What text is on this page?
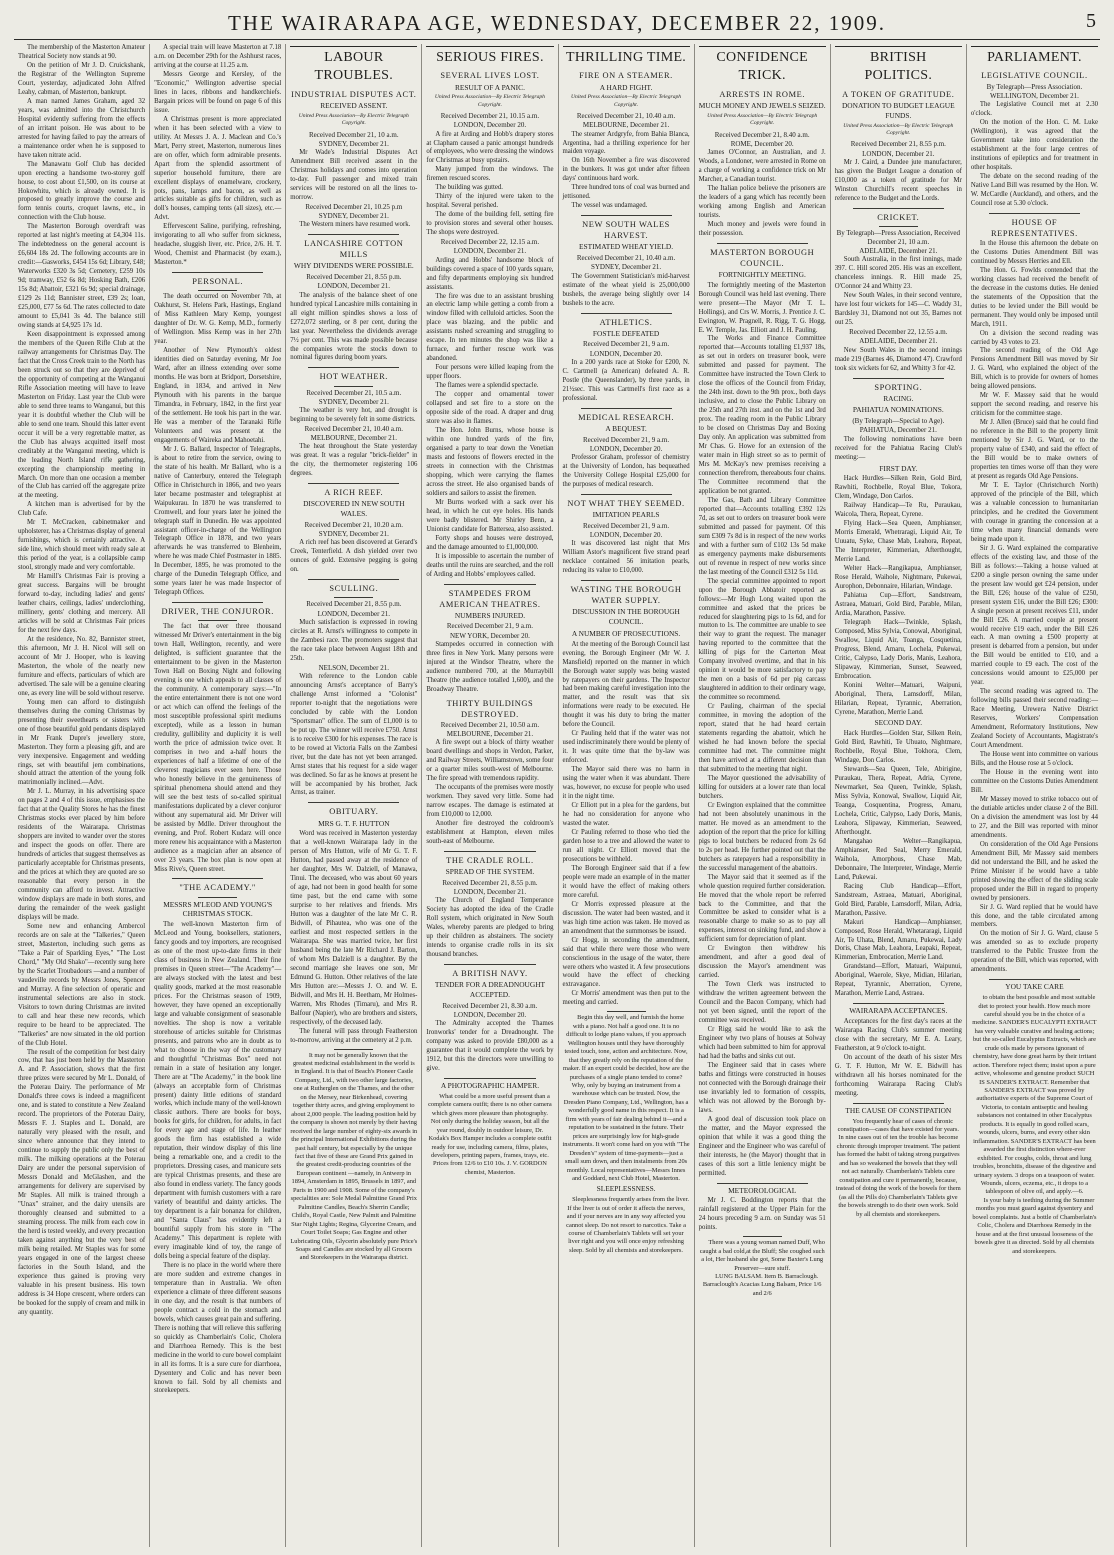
THE WAIRARAPA AGE, WEDNESDAY, DECEMBER 22, 1909.	5

The membership of the Masterton Amateur Theatrical Society now stands at 90.

On the petition of Mr J. D. Cruickshank, the Registrar of the Wellington Supreme Court, yesterday, adjudicated John Alfred Leahy, cabman, of Masterton, bankrupt.

A man named James Graham, aged 32 years, was admitted into the Christchurch Hospital evidently suffering from the effects of an irritant poison. He was about to be arrested for having failed to pay the arrears of a maintenance order when he is supposed to have taken nitrate acid.

The Manawatu Golf Club has decided upon erecting a handsome two-storey golf house, to cost about £1,500, on its course at Hokowhitu, which is already owned. It is proposed to greatly improve the course and form tennis courts, croquet lawns, etc., in connection with the Club house.

The Masterton Borough overdraft was reported at last night's meeting at £4,304 11s. The indebtedness on the general account is £6,604 18s 2d. The following accounts are in credit:—Gasworks, £454 15s 6d; Library, £48; Waterworks £320 3s 5d; Cemetery, £259 10s 9d; tramway, £52 6s 8d; Hosking Bath, £206 15s 8d; Abattoir, £321 6s 9d; special drainage, £129 2s 11d; Bannister street, £39 2s; loan, £25,000, £77 5s 6d. The rates collected to date amount to £5,041 3s 4d. The balance still owing stands at £4,925 17s 1d.

Keen disappointment is expressed among the members of the Queen Rifle Club at the railway arrangements for Christmas Day. The fact that the Cross Creek train to the North has been struck out so that they are deprived of the opportunity of competing at the Wanganui Rifle Association meeting will have to leave Masterton on Friday. Last year the Club were able to send three teams to Wanganui, but this year it is doubtful whether the Club will be able to send one team. Should this latter event occur it will be a very regrettable matter, as the Club has always acquitted itself most creditably at the Wanganui meeting, which is the leading North Island rifle gathering, excepting the championship meeting in March. On more than one occasion a member of the Club has carried off the aggregate prize at the meeting.

A kitchen man is advertised for by the Club Cafe.

Mr T. McCracken, cabinetmaker and upholsterer, has a Christmas display of general furnishings, which is certainly attractive. A side line, which should meet with ready sale at this period of the year, is a collapsible camp stool, strongly made and very comfortable.

Mr Hamill's Christmas Fair is proving a great success. Bargains will be brought forward to-day, including ladies' and gents' leather chairs, ceilings, ladies' underclothing, millinery, gents' clothing and mercery. All articles will be sold at Christmas Fair prices for the next few days.

At the residence, No. 82, Bannister street, this afternoon, Mr J. H. Nicol will sell on account of Mr J. Hooper, who is leaving Masterton, the whole of the nearly new furniture and effects, particulars of which are advertised. The sale will be a genuine clearing one, as every line will be sold without reserve.

Young men can afford to distinguish themselves during the coming Christmas by presenting their sweethearts or sisters with one of those beautiful gold pendants displayed in Mr Frank Dupre's jewellery store, Masterton. They form a pleasing gift, and are very inexpensive. Engagement and wedding rings, set with beautiful jem combinations, should attract the attention of the young folk matrimonially inclined.—Advt.

Mr J. L. Murray, in his advertising space on pages 2 and 4 of this issue, emphasises the fact that at the Quality Stores he has the finest Christmas stocks ever placed by him before residents of the Wairarapa. Christmas shoppers are invited to wander over the stores and inspect the goods on offer. There are hundreds of articles that suggest themselves as particularly acceptable for Christmas presents, and the prices at which they are quoted are so reasonable that every person in the community can afford to invest. Attractive window displays are made in both stores, and during the remainder of the week gaslight displays will be made.

Some new and enhancing Ambercol records are on sale at the "Talkeries," Queen street, Masterton, including such gems as "Take a Pair of Sparkling Eyes," "The Lost Chord," "My Old Shako"—recently sung here by the Scarlet Troubadours —and a number of vaudeville records by Messrs Jones, Spencer and Murray. A fine selection of operatic and instrumental selections are also in stock. Visitors to town during Christmas are invited to call and hear these new records, which require to be heard to be appreciated. The "Talkeries" are now situated in the old portion of the Club Hotel.

The result of the competition for best dairy cow, that has just been held by the Masterton A. and P. Association, shows that the first three prizes were secured by Mr L. Donald, of the Poterau Dairy. The performance of Mr Donald's three cows is indeed a magnificent one, and is stated to constitute a New Zealand record. The proprietors of the Poterau Dairy, Messrs F. J. Staples and L. Donald, are naturally very pleased with the result, and since where announce that they intend to continue to supply the public only the best of milk. The milking operations at the Poterau Dairy are under the personal supervision of Messrs Donald and McGlashen, and the arrangements for delivery are supervised by Mr Staples. All milk is trained through a "Unax" strainer, and the dairy utensils are thoroughly cleansed and submitted to a steaming process. The milk from each cow in the herd is tested weekly, and every precaution taken against anything but the very best of milk being retailed. Mr Staples was for some years engaged in one of the largest cheese factories in the South Island, and the experience thus gained is proving very valuable in his present business. His town address is 34 Hope crescent, where orders can be booked for the supply of cream and milk in any quantity.

A special train will leave Masterton at 7.18 a.m. on December 29th for the Ashhurst races, arriving at the course at 11.25 a.m.

Messrs George and Kersley, of the "Economic," Wellington advertise special lines in laces, ribbons and handkerchiefs. Bargain prices will be found on page 6 of this issue.

A Christmas present is more appreciated when it has been selected with a view to utility. At Messrs J. A. J. Maclean and Co.'s Mart, Perry street, Masterton, numerous lines are on offer, which form admirable presents. Apart from the splendid assortment of superior household furniture, there are excellent displays of enamelware, crockery, pots, pans, lamps and bacon, as well as articles suitable as gifts for children, such as doll's houses, camping tents (all sizes), etc.—Advt.

Effervescent Saline, purifying, refreshing, invigorating to all who suffer from sickness, headache, sluggish liver, etc. Price, 2/6. H. T. Wood, Chemist and Pharmacist (by exam.), Masterton.*

PERSONAL.

The death occurred on November 7th, at Oakhurst, St. Helens Park, Hastings, England of Miss Kathleen Mary Kemp, youngest daughter of Dr. W. G. Kemp, M.D., formerly of Wellington. Miss Kemp was in her 27th year.

Another of New Plymouth's oldest identities died on Saturday evening, Mr Joe Ward, after an illness extending over some months. He was born at Bridport, Dorsetshire, England, in 1834, and arrived in New Plymouth with his parents in the barque Timandra, in February, 1842, in the first year of the settlement. He took his part in the war. He was a member of the Taranaki Rifle Volunteers and was present at the engagements of Waireka and Mahoetahi.

Mr J. G. Ballard, Inspector of Telegraphs, is about to retire from the service, owing to the state of his health. Mr Ballard, who is a native of Canterbury, entered the Telegraph Office in Christchurch in 1866, and two years later became postmaster and telegraphist at Waipukurau. In 1870 he was transferred to Cromwell, and four years later he joined the telegraph staff in Dunedin. He was appointed assistant officer-in-charge of the Wellington Telegraph Office in 1878, and two years afterwards he was transferred to Blenheim, where he was made Chief Postmaster in 1885. In December, 1895, he was promoted to the charge of the Dunedin Telegraph Office, and some years later he was made Inspector of Telegraph Offices.

DRIVER, THE CONJUROR.

The fact that over three thousand witnessed Mr Driver's entertainment in the big town Hall, Wellington, recently, and were delighted, is sufficient guarantee that the entertainment to be given in the Masterton Town Hall on Boxing Night and following evening is one which appeals to all classes of the community. A contemporary says:—"In the entire entertainment there is not one word or act which can offend the feelings of the most susceptible professional spirit mediums excepted), while as a lesson in human credulity, gullibility and duplicity it is well worth the price of admission twice over. It comprises in two and a-half hours the experiences of half a lifetime of one of the cleverest magicians ever seen here. Those who honestly believe in the genuineness of spiritual phenomena should attend and they will see the best tests of so-called spiritual manifestations duplicated by a clever conjuror without any supernatural aid. Mr Driver will be assisted by Mdlle. Driver throughout the evening, and Prof. Robert Kudarz will once more renew his acquaintance with a Masterton audience as a magician after an absence of over 23 years. The box plan is now open at Miss Rive's, Queen street.

"THE ACADEMY."
MESSRS M'LEOD AND YOUNG'S CHRISTMAS STOCK.

The well-known Masterton firm of McLeod and Young, booksellers, stationers, fancy goods and toy importers, are recognised as one of the most up-to-date firms in their class of business in New Zealand. Their fine premises in Queen street—"The Academy"—are always stocked with the latest and best quality goods, marked at the most reasonable prices. For the Christmas season of 1909, however, they have opened an exceptionally large and valuable consignment of seasonable novelties. The shop is now a veritable storehouse of articles suitable for Christmas presents, and patrons who are in doubt as to what to choose in the way of the customary and thoughtful "Christmas Box" need not remain in a state of hesitation any longer. There are at "The Academy," in the book line (always an acceptable form of Christmas present) dainty little editions of standard works, which include many of the well-known classic authors. There are books for boys, books for girls, for children, for adults, in fact for every age and stage of life. In leather goods the firm has established a wide reputation, their window display of this line being a remarkable one, and a credit to the proprietors. Dressing cases, and manicure sets are typical Christmas presents, and these are also found in endless variety. The fancy goods department with furnish customers with a rare variety of beautiful and dainty articles. The toy department is a fair bonanza for children, and "Santa Claus" has evidently left a bountiful supply from his store in "The Academy." This department is replete with every imaginable kind of toy, the range of dolls being a special feature of the display.

There is no place in the world where there are more sudden and extreme changes in temperature than in Australia. We often experience a climate of three different seasons in one day, and the result is that numbers of people contract a cold in the stomach and bowels, which causes great pain and suffering. There is nothing that will relieve this suffering so quickly as Chamberlain's Colic, Cholera and Diarrhoea Remedy. This is the best medicine in the world to cure bowel complaint in all its forms. It is a sure cure for diarrhoea, Dysentery and Colic and has never been known to fail. Sold by all chemists and storekeepers.

LABOUR TROUBLES.
INDUSTRIAL DISPUTES ACT.
RECEIVED ASSENT.
United Press Association—By Electric Telegraph Copyright.

Received December 21, 10 a.m.

SYDNEY, December 21.

Mr Wade's Industrial Disputes Act Amendment Bill received assent in the Christmas holidays and comes into operation to-day. Full passenger and mixed train services will be restored on all the lines to-morrow.

Received December 21, 10.25 p.m

SYDNEY, December 21.

The Western miners have resumed work.

LANCASHIRE COTTON MILLS
WHY DIVIDENDS WERE POSSIBLE.

Received December 21, 8.55 p.m.

LONDON, December 21.

The analysis of the balance sheet of one hundred typical Lancashire mills containing in all eight million spindles shows a loss of £272,072 sterling, or 8 per cent, during the last year. Nevertheless the dividends average 7½ per cent. This was made possible because the companies wrote the stocks down to nominal figures during boom years.

HOT WEATHER.

Received December 21, 10.5 a.m.

SYDNEY, December 21.

The weather is very hot, and drought is beginning to be severely felt in some districts.

Received December 21, 10.40 a.m.

MELBOURNE, December 21.

The heat throughout the State yesterday was great. It was a regular "brick-fielder" in the city, the thermometer registering 106 degrees.

A RICH REEF.
DISCOVERED IN NEW SOUTH WALES.

Received December 21, 10.20 a.m.

SYDNEY, December 21.

A rich reef has been discovered at Gerard's Creek, Tenterfield. A dish yielded over two ounces of gold. Extensive pegging is going on.

SCULLING.

Received December 21, 8.55 p.m.

LONDON, December 21.

Much satisfaction is expressed in rowing circles at R. Arnst's willingness to compete in the Zambesi race. The promoters suggest that the race take place between August 18th and 25th.

NELSON, December 21.

With reference to the London cable announcing Arnst's acceptance of Barry's challenge Arnst informed a "Colonist" reporter to-night that the negotiations were concluded by cable with the London "Sportsman" office. The sum of £1,000 is to be put up. The winner will receive £750. Arnst is to receive £300 for his expenses. The race is to be rowed at Victoria Falls on the Zambesi river, but the date has not yet been arranged. Arnst states that his request for a side wager was declined. So far as he knows at present he will be accompanied by his brother, Jack Arnst, as trainer.

OBITUARY.
MRS G. T. F. HUTTON

Word was received in Masterton yesterday that a well-known Wairarapa lady in the person of Mrs Hutton, wife of Mr G. T. F. Hutton, had passed away at the residence of her daughter, Mrs W. Dalziell, of Manawa, Tinui. The deceased, who was about 60 years of age, had not been in good health for some time past, but the end came with some surprise to her relatives and friends. Mrs Hutton was a daughter of the late Mr C. R. Bidwill, of Pihautea, who was one of the earliest and most respected settlers in the Wairarapa. She was married twice, her first husband being the late Mr Richard J. Barton, of whom Mrs Dalziell is a daughter. By the second marriage she leaves one son, Mr Edmund G. Hutton. Other relatives of the late Mrs Hutton are:—Messrs J. O. and W. E. Bidwill, and Mrs H. H. Beetham, Mr Holmes-Warren, Mrs Rhodes (Timaru), and Mrs R. Balfour (Napier), who are brothers and sisters, respectively, of the deceased lady.

The funeral will pass through Featherston to-morrow, arriving at the cemetery at 2 p.m.

It may not be generally known that the greatest medicinal establishment in the world is in England. It is that of Beach's Pioneer Castle Company, Ltd., with two other large factories, one at Rutherglen on the Thames, and the other on the Mersey, near Birkenhead, covering together thirty acres, and giving employment to about 2,000 people. The leading position held by the company is shown not merely by their having received the large number of eighty-six awards in the principal International Exhibitions during the past half century, but especially by the unique fact that five of these are Grand Prix gained in the greatest credit-producing countries of the European continent —namely, in Antwerp in 1894, Amsterdam in 1895, Brussels in 1897, and Paris in 1900 and 1908. Some of the company's specialities are: Sole Medal Palmitine Grand Prix Palmitine Candles, Beach's Sherrin Candle; Child's, Royal Castle, New Palmit and Palmitine Star Night Lights; Regina, Glycerine Cream, and Court Toilet Soaps; Gas Engine and other Lubricating Oils, Glycerin absolutely pure Price's Soaps and Candles are stocked by all Grocers and Storekeepers in the Wairarapa district.

SERIOUS FIRES.
SEVERAL LIVES LOST.
RESULT OF A PANIC.
United Press Association—By Electric Telegraph Copyright.

Received December 21, 10.15 a.m.

LONDON, December 20.

A fire at Arding and Hobb's drapery stores at Clapham caused a panic amongst hundreds of employees, who were dressing the windows for Christmas at busy upstairs.

Many jumped from the windows. The firemen rescued scores.

The building was gutted.

Thirty of the injured were taken to the hospital. Several perished.

The dome of the building fell, setting fire to provision stores and several other houses. The shops were destroyed.

Received December 22, 12.15 a.m.

LONDON, December 21.

Arding and Hobbs' handsome block of buildings covered a space of 100 yards square, and fifty departments employing six hundred assistants.

The fire was due to an assistant brushing an electric lamp while getting a comb from a window filled with celluloid articles. Soon the place was blazing, and the public and assistants rushed screaming and struggling to escape. In ten minutes the shop was like a furnace, and further rescue work was abandoned.

Four persons were killed leaping from the upper floors.

The flames were a splendid spectacle.

The copper and ornamental tower collapsed and set fire to a store on the opposite side of the road. A draper and drug store was also in flames.

The Hon. John Burns, whose house is within one hundred yards of the fire, organised a party to tear down the Venetian masts and festoons of flowers erected in the streets in connection with the Christmas shopping, which were carrying the flames across the street. He also organised bands of soldiers and sailors to assist the firemen.

Mr Burns worked with a sack over his head, in which he cut eye holes. His hands were badly blistered. Mr Shirley Benn, a Unionist candidate for Battersea, also assisted.

Forty shops and houses were destroyed, and the damage amounted to £1,000,000.

It is impossible to ascertain the number of deaths until the ruins are searched, and the roll of Arding and Hobbs' employees called.

STAMPEDES FROM AMERICAN THEATRES.
NUMBERS INJURED.

Received December 21, 9 a.m.

NEW YORK, December 20.

Stampedes occurred in connection with three fires in New York. Many persons were injured at the Windsor Theatre, where the audience numbered 700, at the Murraybill Theatre (the audience totalled 1,600), and the Broadway Theatre.

THIRTY BUILDINGS DESTROYED.

Received December 21, 10.50 a.m.

MELBOURNE, December 21.

A fire swept out a block of thirty weather board dwellings and shops in Verdon, Parker, and Railway Streets, Williamstown, some four or a quarter miles south-west of Melbourne. The fire spread with tremendous rapidity.

The occupants of the premises were mostly workmen. They saved very little. Some had narrow escapes. The damage is estimated at from £10,000 to 12,000.

Another fire destroyed the coldroom's establishment at Hampton, eleven miles south-east of Melbourne.

THE CRADLE ROLL.
SPREAD OF THE SYSTEM.

Received December 21, 8.55 p.m.

LONDON, December 21.

The Church of England Temperance Society has adopted the idea of the Cradle Roll system, which originated in New South Wales, whereby parents are pledged to bring up their children as abstainers. The society intends to organise cradle rolls in its six thousand branches.

A BRITISH NAVY.
TENDER FOR A DREADNOUGHT ACCEPTED.

Received December 21, 8.30 a.m.

LONDON, December 20.

The Admiralty accepted the Thames Ironworks' tender for a Dreadnought. The company was asked to provide £80,000 as a guarantee that it would complete the work by 1912, but this the directors were unwilling to give.

A PHOTOGRAPHIC HAMPER.

What could be a more useful present than a complete camera outfit; there is no other camera which gives more pleasure than photography. Not only during the holiday season, but all the year round, doubly in outdoor leisure, Dr. Kodak's Box Hamper includes a complete outfit ready for use, including camera, films, plates, developers, printing papers, frames, trays, etc. Prices from 12/6 to £10 10s. J. V. GORDON chemist, Masterton.

THRILLING TIME.
FIRE ON A STEAMER.
A HARD FIGHT.
United Press Association—By Electric Telegraph Copyright.

Received December 21, 10.40 a.m.

MELBOURNE, December 21.

The steamer Ardgryfe, from Bahia Blanca, Argentina, had a thrilling experience for her maiden voyage.

On 16th November a fire was discovered in the bunkers. It was got under after fifteen days' continuous hard work.

Three hundred tons of coal was burned and jettisoned.

The vessel was undamaged.

NEW SOUTH WALES HARVEST.
ESTIMATED WHEAT YIELD.

Received December 21, 10.40 a.m.

SYDNEY, December 21.

The Government Statistician's mid-harvest estimate of the wheat yield is 25,000,000 bushels, the average being slightly over 14 bushels to the acre.

ATHLETICS.
FOSTLE DEFEATED

Received December 21, 9 a.m.

LONDON, December 20.

In a 200 yards race at Stoke for £200, N. C. Cartmell (a American) defeated A. R. Postle (the Queenslander), by three yards, in 21½sec. This was Cartmell's first race as a professional.

MEDICAL RESEARCH.
A BEQUEST.

Received December 21, 9 a.m.

LONDON, December 20.

Professor Graham, professor of chemistry at the University of London, has bequeathed the University College Hospital £25,000 for the purposes of medical research.

NOT WHAT THEY SEEMED.
IMITATION PEARLS

Received December 21, 9 a.m.

LONDON, December 20.

It was discovered last night that Mrs William Astor's magnificent five strand pearl necklace contained 56 imitation pearls, reducing its value to £10,000.

WASTING THE BOROUGH WATER SUPPLY.
DISCUSSION IN THE BOROUGH COUNCIL.
A NUMBER OF PROSECUTIONS.

At the meeting of the Borough Council last evening, the Borough Engineer (Mr W. J. Mansfield) reported on the manner in which the Borough water supply was being wasted by ratepayers on their gardens. The Inspector had been making careful investigation into the matter, and the result was that six informations were ready to be executed. He thought it was his duty to bring the matter before the Council.

Cr Pauling held that if the water was not used indiscriminately there would be plenty of it. It was quite time that the by-law was enforced.

The Mayor said there was no harm in using the water when it was abundant. There was, however, no excuse for people who used it in the night time.

Cr Elliott put in a plea for the gardens, but he had no consideration for anyone who wasted the water.

Cr Pauling referred to those who tied the garden hose to a tree and allowed the water to run all night. Cr Elliott moved that the prosecutions be withheld.

The Borough Engineer said that if a few people were made an example of in the matter it would have the effect of making others more careful.

Cr Morris expressed pleasure at the discussion. The water had been wasted, and it was high time action was taken. He moved as an amendment that the summonses be issued.

Cr Hogg, in seconding the amendment, said that while there were those who were conscientious in the usage of the water, there were others who wasted it. A few prosecutions would have the effect of checking extravagance.

Cr Morris' amendment was then put to the meeting and carried.

Begin this day well, and furnish the home with a piano. Not half a good one. It is no difficult to lodge piano values, if you approach Wellington houses until they have thoroughly tested touch, tone, action and architecture. Now, that they greatly rely on the reputation of the maker. If an expert could be decided, how are the purchases of a single piano tended to come? Why, only by buying an instrument from a warehouse which can be trusted. Now, the Dresden Piano Company, Ltd., Wellington, has a wonderfully good name in this respect. It is a firm with years of fair dealing behind it—and a reputation to be sustained in the future. Their prices are surprisingly low for high-grade instruments. It won't come hard on you with "The Dresden's" system of time-payments—just a small sum down, and then instalments from 20s monthly. Local representatives—Messrs Innes and Goddard, next Club Hotel, Masterton.

SLEEPLESSNESS.

Sleeplessness frequently arises from the liver. If the liver is out of order it affects the nerves, and if your nerves are in any way affected you cannot sleep. Do not resort to narcotics. Take a course of Chamberlain's Tablets will set your liver right and you will once enjoy refreshing sleep. Sold by all chemists and storekeepers.

CONFIDENCE TRICK.
ARRESTS IN ROME.
MUCH MONEY AND JEWELS SEIZED.
United Press Association—By Electric Telegraph Copyright.

Received December 21, 8.40 a.m.

ROME, December 20.

James O'Connor, an Australian, and J. Woods, a Londoner, were arrested in Rome on a charge of working a confidence trick on Mr Marcher, a Canadian tourist.

The Italian police believe the prisoners are the leaders of a gang which has recently been working among English and American tourists.

Much money and jewels were found in their possession.

MASTERTON BOROUGH COUNCIL.
FORTNIGHTLY MEETING.

The fortnightly meeting of the Masterton Borough Council was held last evening. There were present—The Mayor (Mr T. L. Hollings), and Crs W. Morris, J. Prentice J. C. Ewington, W. Pragnell, R. Rigg, T. G. Hogg, E. W. Temple, Jas. Elliott and J. H. Pauling.

The Works and Finance Committee reported that—Accounts totalling £1,937 18s, as set out in orders on treasurer book, were submitted and passed for payment. The Committee have instructed the Town Clerk to close the offices of the Council from Friday, the 24th inst. down to the 9th prox., both days inclusive, and to close the Public Library on the 25th and 27th inst. and on the 1st and 3rd prox. The reading room in the Public Library to be closed on Christmas Day and Boxing Day only. An application was submitted from Mr Chas. G. Howe for an extension of the water main in High street so as to permit of Mrs M. McKay's new premises receiving a connection therefrom, thereabouts four chains. The Committee recommend that the application be not granted.

The Gas, Bath and Library Committee reported that—Accounts totalling £392 12s 7d, as set out to orders on treasurer book were submitted and passed for payment. Of this sum £309 7s 8d is in respect of the new works and with a further sum of £102 13s 5d make as emergency payments make disbursements out of revenue in respect of new works since the last meeting of the Council £312 5s 11d.

The special committee appointed to report upon the Borough Abbatoir reported as follows:—Mr Hugh Long waited upon the committee and asked that the prices be reduced for slaughtering pigs to 1s 6d, and for mutton to 1s. The committee are unable to see their way to grant the request. The manager having reported to the committee that the killing of pigs for the Carterton Meat Company involved overtime, and that in his opinion it would be more satisfactory to pay the men on a basis of 6d per pig carcass slaughtered in addition to their ordinary wage, the committee so recommend.

Cr Pauling, chairman of the special committee, in moving the adoption of the report, stated that he had heard certain statements regarding the abattoir, which he wished he had known before the special committee had met. The committee might then have arrived at a different decision than that submitted to the meeting that night.

The Mayor questioned the advisability of killing for outsiders at a lower rate than local butchers.

Cr Ewington explained that the committee had not been absolutely unanimous in the matter. He moved as an amendment to the adoption of the report that the price for killing pigs to local butchers be reduced from 2s 6d to 2s per head. He further pointed out that the butchers as ratepayers had a responsibility in the successful management of the abattoirs.

The Mayor said that it seemed as if the whole question required further consideration. He moved that the whole report be referred back to the Committee, and that the Committee be asked to consider what is a reasonable charge to make so as to pay all expenses, interest on sinking fund, and show a sufficient sum for depreciation of plant.

Cr Ewington then withdrew his amendment, and after a good deal of discussion the Mayor's amendment was carried.

The Town Clerk was instructed to withdraw the written agreement between the Council and the Bacon Company, which had not yet been signed, until the report of the committee was received.

Cr Rigg said he would like to ask the Engineer why two plans of houses at Solway which had been submitted to him for approval had had the baths and sinks cut out.

The Engineer said that in cases where baths and fittings were constructed in houses not connected with the Borough drainage their use invariably led to formation of cesspits, which was not allowed by the Borough by-laws.

A good deal of discussion took place on the matter, and the Mayor expressed the opinion that while it was a good thing the Engineer and the Engineer who was careful of their interests, he (the Mayor) thought that in cases of this sort a little leniency might be permitted.

METEOROLOGICAL

Mr J. C. Boddington reports that the rainfall registered at the Upper Plain for the 24 hours preceding 9 a.m. on Sunday was 51 points.

There was a young woman named Duff, Who caught a bad cold,at the Bluff; She coughed such a lot, Her husband she got, Some Baxter's Lung Preserver—sure stuff.

LUNG BALSAM. Item B. Barraclough. Barraclough's Acacias Lung Balsam, Price 1/6 and 2/6

BRITISH POLITICS.
A TOKEN OF GRATITUDE.
DONATION TO BUDGET LEAGUE FUNDS.
United Press Association—By Electric Telegraph Copyright.

Received December 21, 8.55 p.m.

LONDON, December 21.

Mr J. Caird, a Dundee jute manufacturer, has given the Budget League a donation of £10,000 as a token of gratitude for Mr Winston Churchill's recent speeches in reference to the Budget and the Lords.

CRICKET.

By Telegraph—Press Association, Received December 21, 10 a.m.

ADELAIDE, December 21.

South Australia, in the first innings, made 397. C. Hill scored 205. His was an excellent, chanceless innings. R. Hill made 25, O'Connor 24 and Whitty 23.

New South Wales, in their second venture, have lost four wickets for 145—C. Waddy 31, Bardsley 31, Diamond not out 35, Barnes not out 25.

Received December 22, 12.55 a.m.

ADELAIDE, December 21.

New South Wales in the second innings made 219 (Barnes 46, Diamond 47). Crawford took six wickets for 62, and Whitty 3 for 42.

SPORTING.
RACING.
PAHIATUA NOMINATIONS.

(By Telegraph—Special to Age). PAHIATUA, December 21.

The following nominations have been received for the Pahiatua Racing Club's meeting:—

FIRST DAY.

Hack Hurdles—Silken Rein, Gold Bird, Rawhiti, Rochbelle, Royal Blue, Tokora, Clem, Windage, Don Carlos.

Railway Handicap—Te Ru, Puraukau, Waicola, Thera, Repeat, Cyrene.

Flying Hack—Sea Queen, Amphianser, Morris Emerald, Whetraragi, Liquid Air, Te Uuuatu, Syke, Chase Mab, Leahora, Repeat, The Interpreter, Kimmerian, Afterthought, Merrie Land.

Welter Hack—Rangikapua, Amphianser, Rose Herald, Waihole, Nightmare, Pukewai, Aurophon, Debonnaire, Hilarian, Windage.

Pahiatua Cup—Effort, Sandstream, Astraea, Matuari, Gold Bird, Parable, Milan, Ardia, Marathon, Passive.

Telegraph Hack—Twinkle, Splash, Composed, Miss Sylvia, Conowal, Aboriginal, Swallow, Liquid Air, Toanga, Cosquetina, Progress, Blend, Amaru, Lochela, Pukewai, Critic, Calypso, Lady Doris, Manis, Leahora, Slipaway, Kimmerian, Sunset, Seaweed, Embrocation.

Konini Welter—Matuari, Waipuni, Aboriginal, Thera, Lamsdorff, Milan, Hilarian, Repeat, Tyrannic, Aberration, Cyrene, Marathon, Merrie Land.

SECOND DAY.

Hack Hurdles—Golden Star, Silken Rein, Gold Bird, Rawhiti, Te Uhuato, Nightmare, Rochbelle, Royal Blue, Tokhora, Clem, Windage, Don Carlos.

Stewards—Sea Queen, Tele, Abirigine, Puraukau, Thera, Repeat, Adria, Cyrene, Newmarket, Sea Queen, Twinkle, Splash, Miss Sylvia, Konowal, Swallow, Liquid Air, Toanga, Cosquentina, Progress, Amaru, Lochela, Critic, Calypso, Lady Doris, Manis, Leahora, Slipaway, Kimmerian, Seaweed, Afterthought.

Mangahao Welter—Rangikapua, Amphianser, Red Seal, Merry Emerald, Waihola, Amorphous, Chase Mab, Debonnaire, The Interpreter, Windage, Merrie Land, Pukewai.

Racing Club Handicap—Effort, Sandstream, Astraea, Matuari, Aboriginal, Gold Bird, Parable, Lamsdorff, Milan, Adria, Marathon, Passive.

Makuri Handicap—Amphianser, Composed, Rose Herald, Whetararagi, Liquid Air, Te Uhata, Blend, Amaru, Pukewai, Lady Doris, Chase Mab, Leahora, Leapaki, Repeat, Kimmerian, Embrocation, Merrie Land.

Grandstand—Effort, Matuari, Waipunui, Aboriginal, Waerole, Skye, Midian, Hilarian, Repeat, Tyrannic, Aberration, Cyrene, Marathon, Merrie Land, Astraea.

WAIRARAPA ACCEPTANCES.

Acceptances for the first day's races at the Wairarapa Racing Club's summer meeting close with the secretary, Mr E. A. Leary, Featherston, at 9 o'clock to-night.

On account of the death of his sister Mrs G. T. F. Hutton, Mr W. E. Bidwill has withdrawn all his horses nominated for the forthcoming Wairarapa Racing Club's meeting.

THE CAUSE OF CONSTIPATION

You frequently hear of cases of chronic constipation—cases that have existed for years. In nine cases out of ten the trouble has become chronic through improper treatment. The patient has formed the habit of taking strong purgatives and has so weakened the bowels that they will not act naturally. Chamberlain's Tablets cure constipation and cure it permanently, because, instead of doing the work of the bowels for them (as all the Pills do) Chamberlain's Tablets give the bowels strength to do their own work. Sold by all chemists and storekeepers.

PARLIAMENT.
LEGISLATIVE COUNCIL.

By Telegraph—Press Association. WELLINGTON, December 21.

The Legislative Council met at 2.30 o'clock.

On the motion of the Hon. C. M. Luke (Wellington), it was agreed that the Government take into consideration the establishment at the four large centres of institutions of epileptics and for treatment in other hospitals.

The debate on the second reading of the Native Land Bill was resumed by the Hon. W. W. McCardle (Auckland), and others, and the Council rose at 5.30 o'clock.

HOUSE OF REPRESENTATIVES.

In the House this afternoon the debate on the Customs Duties Amendment Bill was continued by Messrs Herries and Ell.

The Hon. G. Fowlds contended that the working classes had received the benefit of the decrease in the customs duties. He denied the statements of the Opposition that the duties to be levied under the Bill would be permanent. They would only be imposed until March, 1911.

On a division the second reading was carried by 43 votes to 23.

The second reading of the Old Age Pensions Amendment Bill was moved by Sir J. G. Ward, who explained the object of the Bill, which is to provide for owners of homes being allowed pensions.

Mr W. F. Massey said that he would support the second reading, and reserve his criticism for the committee stage.

Mr J. Allen (Bruce) said that he could find no reference in the Bill to the property limit mentioned by Sir J. G. Ward, or to the property value of £340, and said the effect of the Bill would be to make owners of properties ten times worse off than they were at present as regards Old Age Pensions.

Mr T. E. Taylor (Christchurch North) approved of the principle of the Bill, which was a valuable concession to humanitarian principles, and he credited the Government with courage in granting the concession at a time when many financial demands were being made upon it.

Sir J. G. Ward explained the comparative effects of the existing law, and those of the Bill as follows:—Taking a house valued at £200 a single person owning the same under the present law would get £24 pension, under the Bill, £26; house of the value of £250, present system £16, under the Bill £26; £300: A single person at present receives £11, under the Bill £26. A married couple at present would receive £19 each, under the Bill £26 each. A man owning a £500 property at present is debarred from a pension, but under the Bill would be entitled to £10, and a married couple to £9 each. The cost of the concessions would amount to £25,000 per year.

The second reading was agreed to. The following bills passed their second reading:—Race Meeting, Urewera Native District Reserves, Workers' Compensation Amendment, Reformatory Institutions, New Zealand Society of Accountants, Magistrate's Court Amendment.

The House went into committee on various Bills, and the House rose at 5 o'clock.

The House in the evening went into committee on the Customs Duties Amendment Bill.

Mr Massey moved to strike tobacco out of the dutiable articles under clause 2 of the Bill. On a division the amendment was lost by 44 to 27, and the Bill was reported with minor amendments.

On consideration of the Old Age Pensions Amendment Bill, Mr Massey said members did not understand the Bill, and he asked the Prime Minister if he would have a table printed showing the effect of the sliding scale proposed under the Bill in regard to property owned by pensioners.

Sir J. G. Ward replied that he would have this done, and the table circulated among members.

On the motion of Sir J. G. Ward, clause 5 was amended so as to exclude property transferred to the Public Trustee from the operation of the Bill, which was reported, with amendments.

YOU TAKE CARE

to obtain the best possible and most suitable diet to protect your health. How much more careful should you be in the choice of a medicine. SANDER'S EUCALYPTI EXTRACT has very valuable curative and healing actions; but the so-called Eucalyptus Extracts, which are crude oils made by persons ignorant of chemistry, have done great harm by their irritant action. Therefore reject them; insist upon a pure active, wholesome and genuine product SUCH IS SANDER'S EXTRACT. Remember that SANDER'S EXTRACT was proved by authoritative experts of the Supreme Court of Victoria, to contain antiseptic and healing substances not contained in other Eucalyptus products. It is equally in good rolled scars, wounds, ulcers, burns, and every other skin inflammation. SANDER'S EXTRACT has been awarded the first distinction where-ever exhibited. For coughs, colds, throat and lung troubles, bronchitis, disease of the digestive and urinary system. 3 drops on a teaspoon of water. Wounds, ulcers, eczema, etc., it drops to a tablespoon of olive oil, and apply.—6.

Is your baby is teething during the Summer months you must guard against dysentery and bowel complaints. Just a bottle of Chamberlain's Colic, Cholera and Diarrhoea Remedy in the house and at the first unusual looseness of the bowels give it as directed. Sold by all chemists and storekeepers.
